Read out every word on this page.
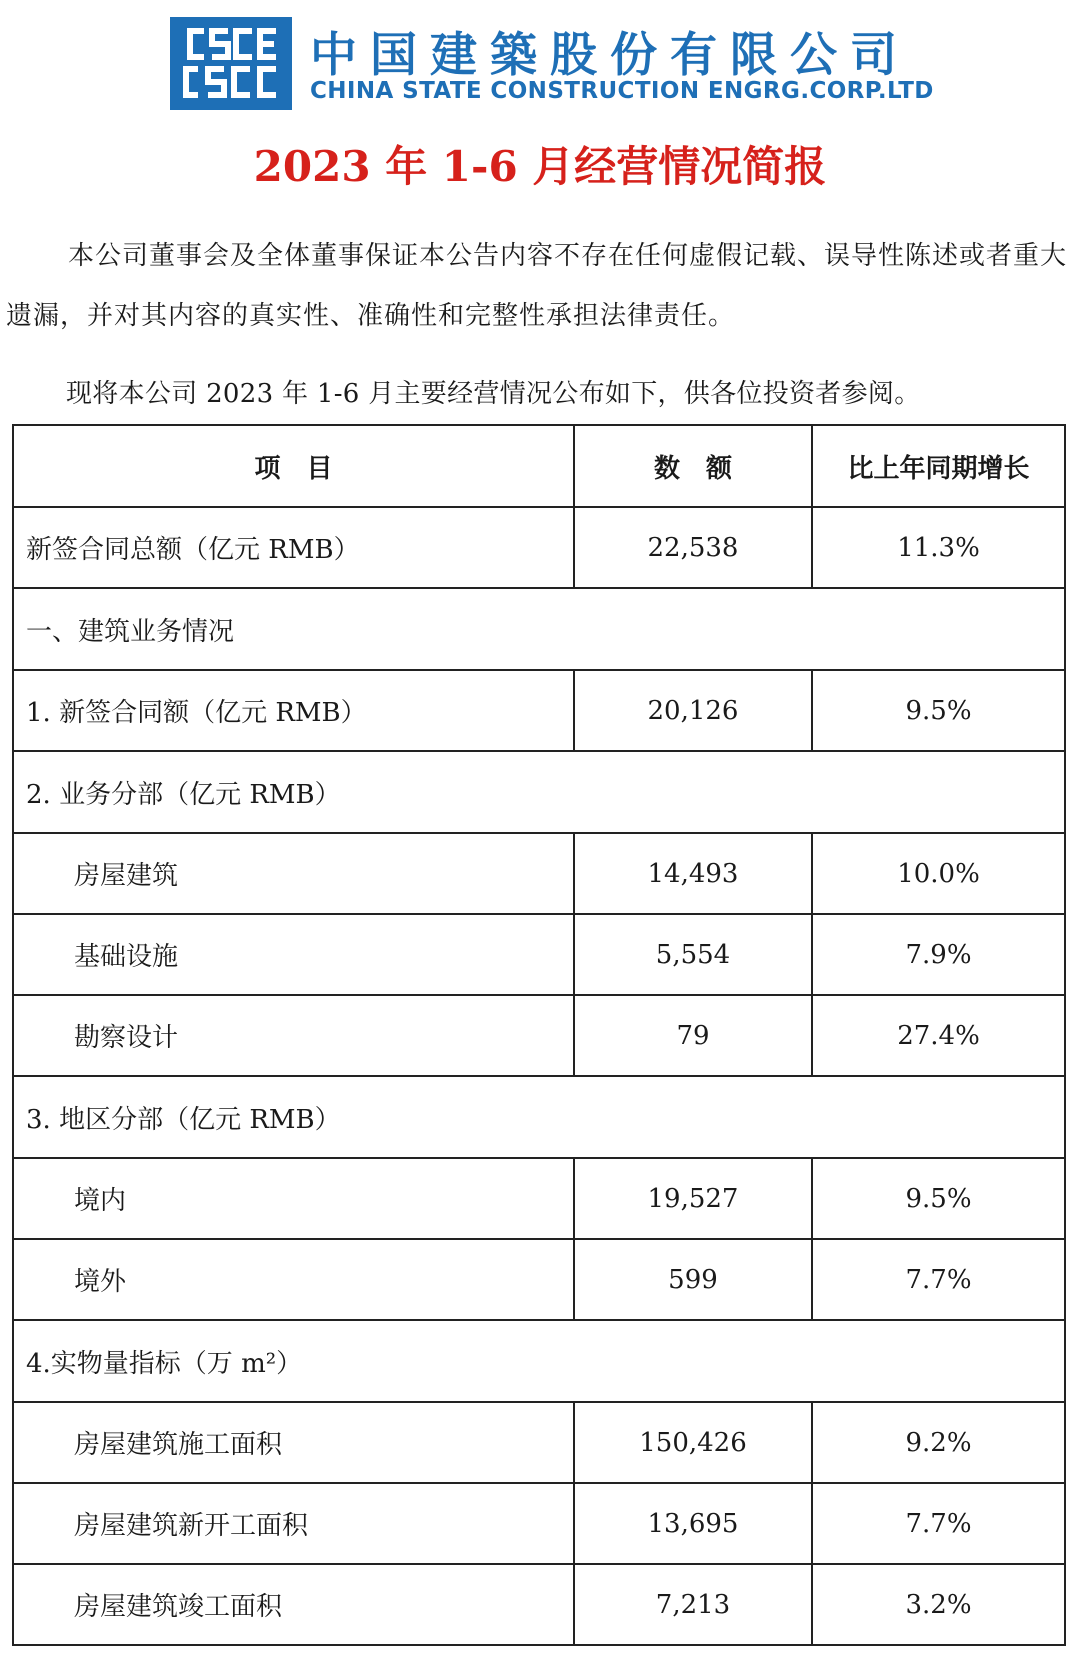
中国建築股份有限公司
CHINA STATE CONSTRUCTION ENGRG.CORP.LTD
2023 年 1-6 月经营情况简报

本公司董事会及全体董事保证本公告内容不存在任何虚假记载、误导性陈述或者重大遗漏，并对其内容的真实性、准确性和完整性承担法律责任。

现将本公司 2023 年 1-6 月主要经营情况公布如下，供各位投资者参阅。

项　目	数　额	比上年同期增长
新签合同总额（亿元 RMB）	22,538	11.3%
一、建筑业务情况		
1. 新签合同额（亿元 RMB）	20,126	9.5%
2. 业务分部（亿元 RMB）		
房屋建筑	14,493	10.0%
基础设施	5,554	7.9%
勘察设计	79	27.4%
3. 地区分部（亿元 RMB）		
境内	19,527	9.5%
境外	599	7.7%
4.实物量指标（万 m²）		
房屋建筑施工面积	150,426	9.2%
房屋建筑新开工面积	13,695	7.7%
房屋建筑竣工面积	7,213	3.2%
